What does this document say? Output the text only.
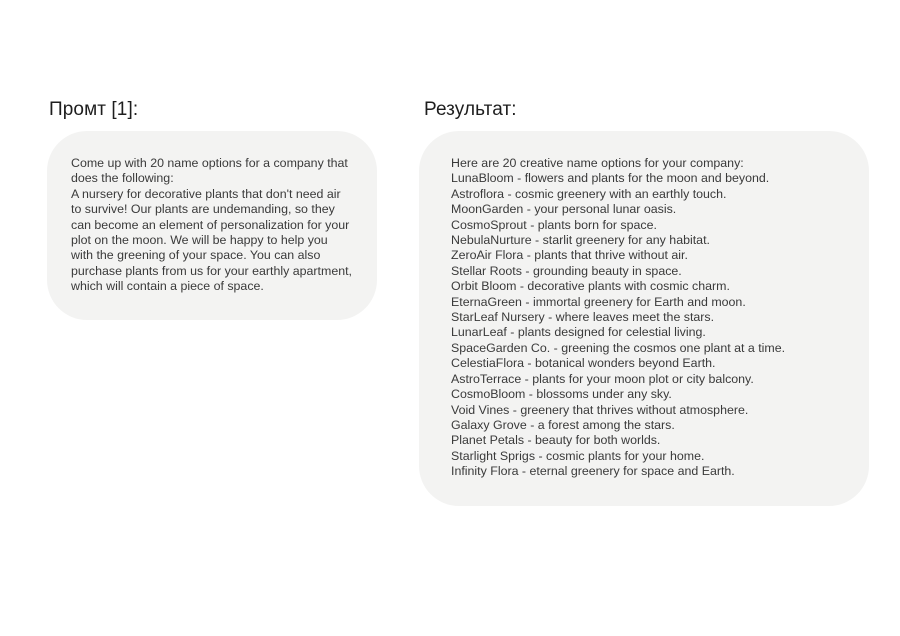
Промт [1]:
Come up with 20 name options for a company that
does the following:
A nursery for decorative plants that don't need air
to survive! Our plants are undemanding, so they
can become an element of personalization for your
plot on the moon. We will be happy to help you
with the greening of your space. You can also
purchase plants from us for your earthly apartment,
which will contain a piece of space.
Результат:
Here are 20 creative name options for your company:
LunaBloom - flowers and plants for the moon and beyond.
Astroflora - cosmic greenery with an earthly touch.
MoonGarden - your personal lunar oasis.
CosmoSprout - plants born for space.
NebulaNurture - starlit greenery for any habitat.
ZeroAir Flora - plants that thrive without air.
Stellar Roots - grounding beauty in space.
Orbit Bloom - decorative plants with cosmic charm.
EternaGreen - immortal greenery for Earth and moon.
StarLeaf Nursery - where leaves meet the stars.
LunarLeaf - plants designed for celestial living.
SpaceGarden Co. - greening the cosmos one plant at a time.
CelestiaFlora - botanical wonders beyond Earth.
AstroTerrace - plants for your moon plot or city balcony.
CosmoBloom - blossoms under any sky.
Void Vines - greenery that thrives without atmosphere.
Galaxy Grove - a forest among the stars.
Planet Petals - beauty for both worlds.
Starlight Sprigs - cosmic plants for your home.
Infinity Flora - eternal greenery for space and Earth.
